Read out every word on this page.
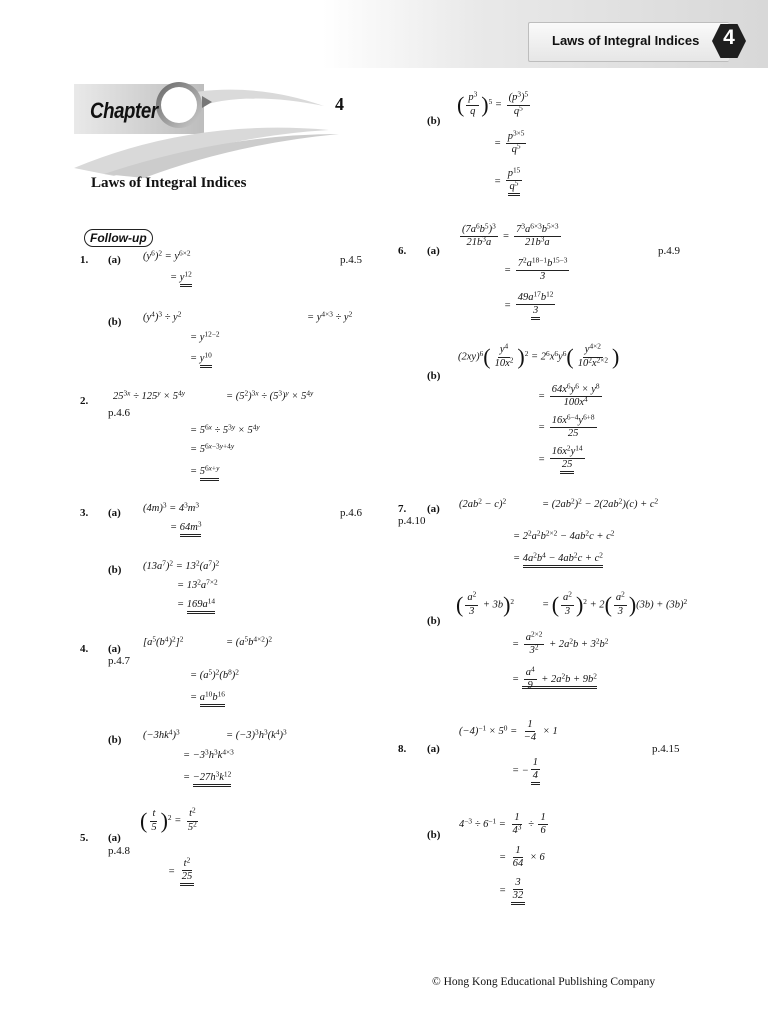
Laws of Integral Indices	4
Chapter	4
Laws of Integral Indices
Follow-up
1. (a)	p.4.5
$(y^6)^2 = y^{6\times 2}$
= $y^{12}$
(b) $(y^4)^3 \div y^2$	= $y^{4\times 3} \div y^2$
= $y^{12-2}$
= $y^{10}$
2.
p.4.6
$25^{3x} \div 125^y \times 5^{4y}$	= $(5^2)^{3x} \div (5^3)^y \times 5^{4y}$
= $5^{6x} \div 5^{3y} \times 5^{4y}$
= $5^{6x-3y+4y}$
= $5^{6x+y}$
3. (a)	p.4.6
$(4m)^3 = 4^3m^3$
= $64m^3$
(b) $(13a^7)^2 = 13^2(a^7)^2$
= $13^2a^{7\times 2}$
= $169a^{14}$
4. (a)
p.4.7
$[a^5(b^4)^2]^2$	= $(a^5b^{4\times 2})^2$
= $(a^5)^2(b^8)^2$
= $a^{10}b^{16}$
(b) $(-3hk^4)^3$	= $(-3)^3h^3(k^4)^3$
= $-3^3h^3k^{4\times 3}$
= $-27h^3k^{12}$
5. (a)
p.4.8
( $\frac{t}{5} )^2 = \frac{t^2}{5^2}$
= $\frac{t^2}{25}$
(b)
( $\frac{p^3}{q} )^5 = \frac{(p^3)^5}{q^5}$
= $\frac{p^{3\times 5}}{q^5}$
= $\frac{p^{15}}{q^5}$
6. (a)	p.4.9
$\frac{(7a^6b^5)^3}{21b^3a} = \frac{7^3a^{6\times 3}b^{5\times 3}}{21b^3a}$
= $\frac{7^2a^{18-1}b^{15-3}}{3}$
= $\frac{49a^{17}b^{12}}{3}$
(b)
$(2xy)^6( \frac{y^4}{10x^2} )^2 = 2^6x^6y^6( \frac{y^{4\times 2}}{10^2x^{2\times 2}}$ )
= $\frac{64x^6y^6 \times y^8}{100x^4}$
= $\frac{16x^{6-4}y^{6+8}}{25}$
= $\frac{16x^2y^{14}}{25}$
7. (a)
p.4.10
$(2ab^2 - c)^2$	= $(2ab^2)^2 - 2(2ab^2)(c) + c^2$
= $2^2a^2b^{2\times 2} - 4ab^2c + c^2$
= $4a^2b^4 - 4ab^2c + c^2$
(b)
( $\frac{a^2}{3} + 3b)^2$	= ( $\frac{a^2}{3} )^2 + 2( \frac{a^2}{3} )(3b) + (3b)^2$
= $\frac{a^{2\times 2}}{3^2} + 2a^2b + 3^2b^2$
= $\frac{a^4}{9} + 2a^2b + 9b^2$
8. (a)	p.4.15
$(-4)^{-1} \times 5^0 = \frac{1}{-4} \times 1$
= − $\frac{1}{4}$
(b)
$4^{-3} \div 6^{-1} = \frac{1}{4^3} \div \frac{1}{6}$
= $\frac{1}{64} \times 6$
= $\frac{3}{32}$
© Hong Kong Educational Publishing Company
